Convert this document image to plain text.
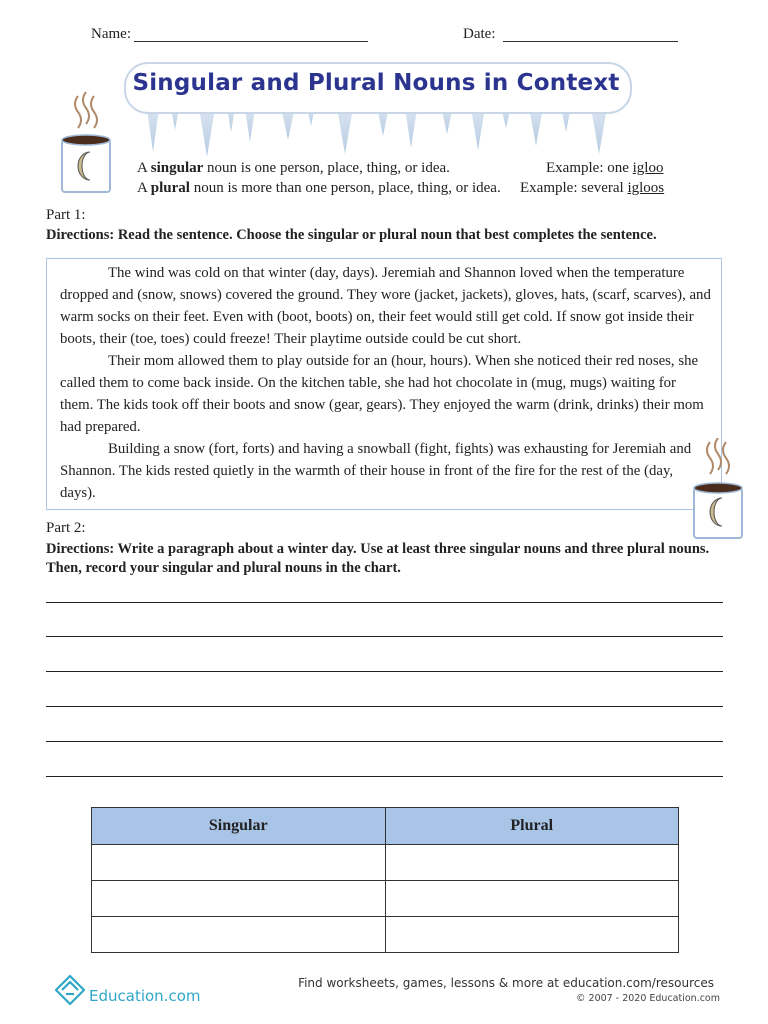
Name:	Date:
Singular and Plural Nouns in Context
A singular noun is one person, place, thing, or idea.	Example: one igloo
A plural noun is more than one person, place, thing, or idea. Example: several igloos
Part 1:
Directions: Read the sentence. Choose the singular or plural noun that best completes the sentence.

The wind was cold on that winter (day, days). Jeremiah and Shannon loved when the temperature dropped and (snow, snows) covered the ground. They wore (jacket, jackets), gloves, hats, (scarf, scarves), and warm socks on their feet. Even with (boot, boots) on, their feet would still get cold. If snow got inside their boots, their (toe, toes) could freeze! Their playtime outside could be cut short.

Their mom allowed them to play outside for an (hour, hours). When she noticed their red noses, she called them to come back inside. On the kitchen table, she had hot chocolate in (mug, mugs) waiting for them. The kids took off their boots and snow (gear, gears). They enjoyed the warm (drink, drinks) their mom had prepared.

Building a snow (fort, forts) and having a snowball (fight, fights) was exhausting for Jeremiah and Shannon. The kids rested quietly in the warmth of their house in front of the fire for the rest of the (day, days).

Part 2:
Directions: Write a paragraph about a winter day. Use at least three singular nouns and three plural nouns. Then, record your singular and plural nouns in the chart.
Singular	Plural

Education.com
Find worksheets, games, lessons & more at education.com/resources
© 2007 - 2020 Education.com
